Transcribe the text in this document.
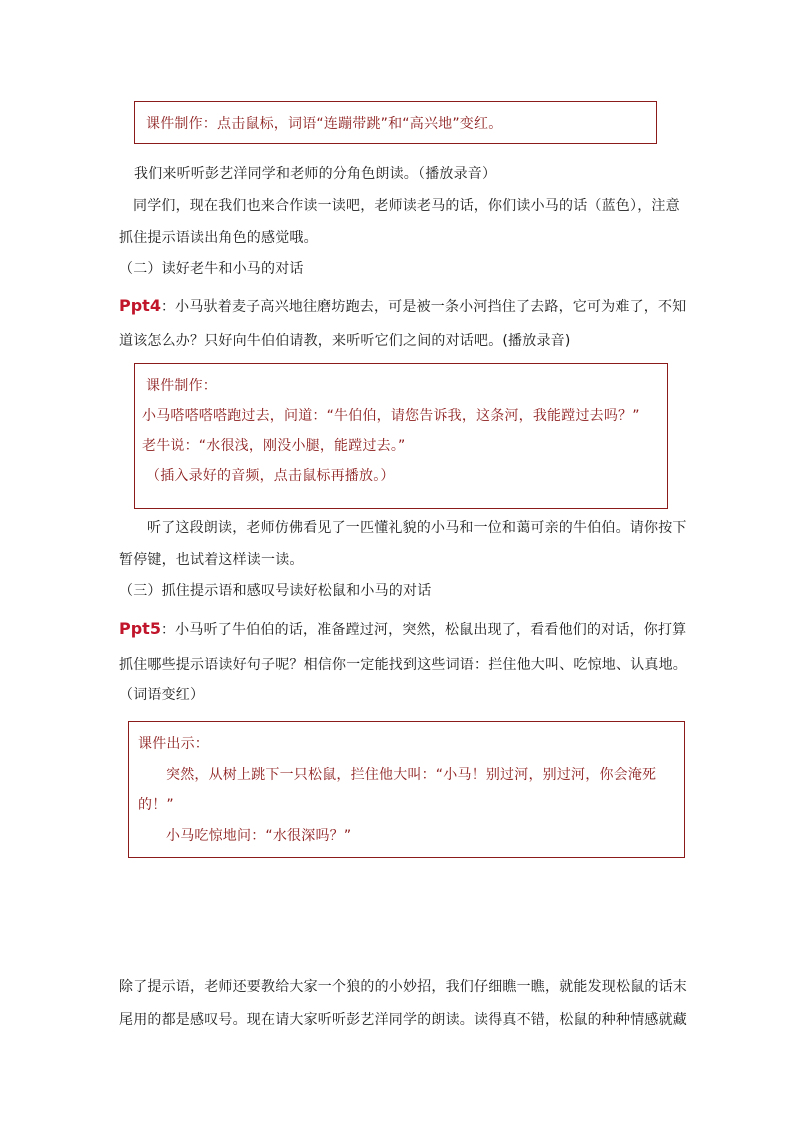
课件制作：点击鼠标，词语“连蹦带跳”和“高兴地”变红。
我们来听听彭艺洋同学和老师的分角色朗读。（播放录音）
同学们，现在我们也来合作读一读吧，老师读老马的话，你们读小马的话（蓝色），注意
抓住提示语读出角色的感觉哦。
（二）读好老牛和小马的对话
Ppt4：小马驮着麦子高兴地往磨坊跑去，可是被一条小河挡住了去路，它可为难了，不知
道该怎么办？只好向牛伯伯请教，来听听它们之间的对话吧。(播放录音)
课件制作：
小马嗒嗒嗒嗒跑过去，问道：“牛伯伯，请您告诉我，这条河，我能蹚过去吗？”
老牛说：“水很浅，刚没小腿，能蹚过去。”
（插入录好的音频，点击鼠标再播放。）
听了这段朗读，老师仿佛看见了一匹懂礼貌的小马和一位和蔼可亲的牛伯伯。请你按下
暂停键，也试着这样读一读。
（三）抓住提示语和感叹号读好松鼠和小马的对话
Ppt5：小马听了牛伯伯的话，准备蹚过河，突然，松鼠出现了，看看他们的对话，你打算
抓住哪些提示语读好句子呢？相信你一定能找到这些词语：拦住他大叫、吃惊地、认真地。
（词语变红）
课件出示：
突然，从树上跳下一只松鼠，拦住他大叫：“小马！别过河，别过河，你会淹死
的！”
小马吃惊地问：“水很深吗？”
除了提示语，老师还要教给大家一个狼的的小妙招，我们仔细瞧一瞧，就能发现松鼠的话末
尾用的都是感叹号。现在请大家听听彭艺洋同学的朗读。读得真不错，松鼠的种种情感就藏
